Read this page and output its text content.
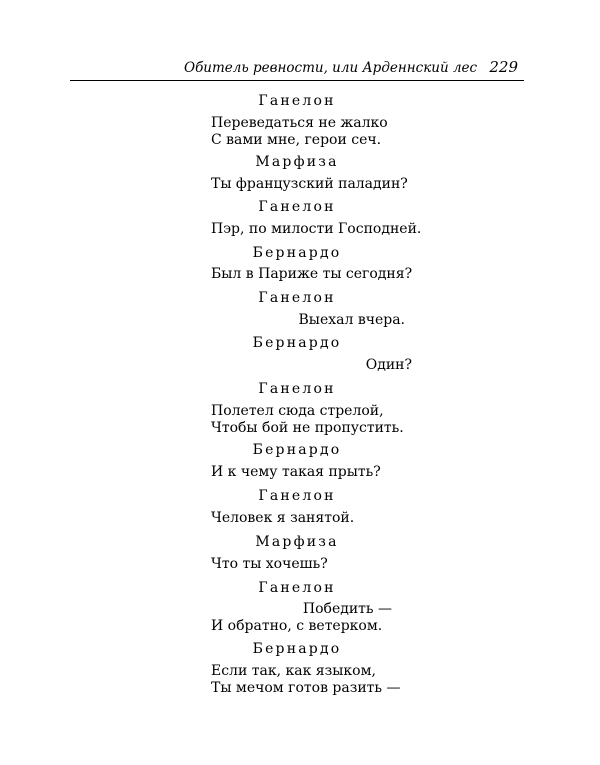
Обитель ревности, или Арденнский лес 229
Ганелон
Переведаться не жалко
С вами мне, герои сеч.
Марфиза
Ты французский паладин?
Ганелон
Пэр, по милости Господней.
Бернардо
Был в Париже ты сегодня?
Ганелон
Выехал вчера.
Бернардо
Один?
Ганелон
Полетел сюда стрелой,
Чтобы бой не пропустить.
Бернардо
И к чему такая прыть?
Ганелон
Человек я занятой.
Марфиза
Что ты хочешь?
Ганелон
Победить —
И обратно, с ветерком.
Бернардо
Если так, как языком,
Ты мечом готов разить —
